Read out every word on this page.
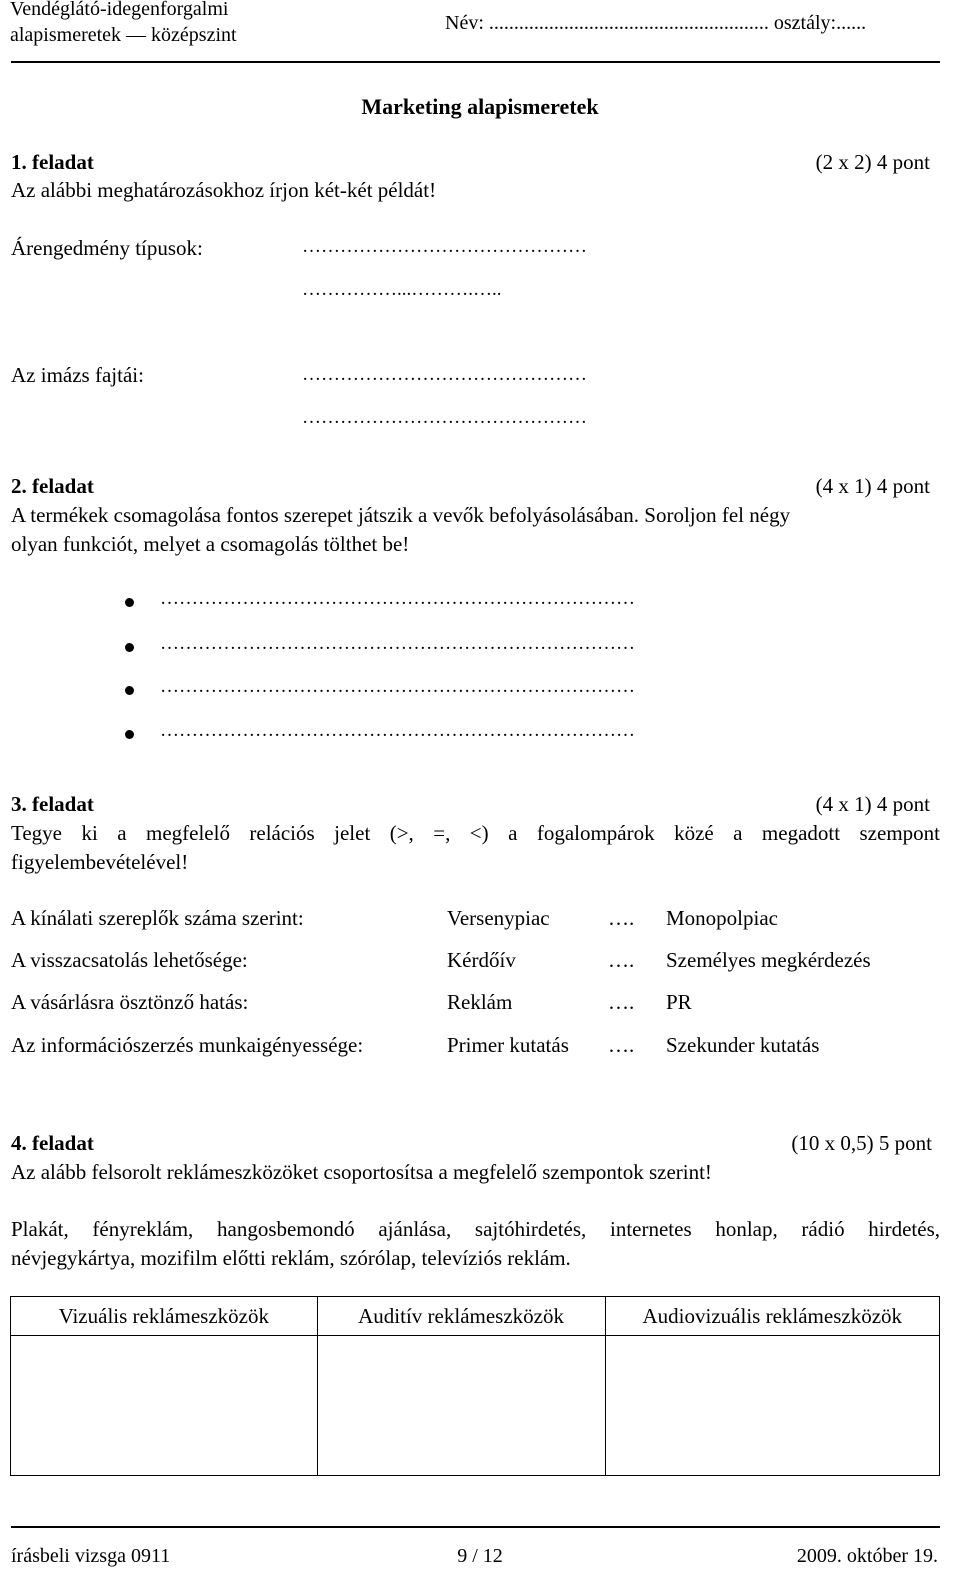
Vendéglátó-idegenforgalmi
alapismeretek — középszint
Név: ........................................................ osztály:......
Marketing alapismeretek
1. feladat	(2 x 2) 4 pont
Az alábbi meghatározásokhoz írjon két-két példát!
Árengedmény típusok:	………………………………………
……………...……….…..
Az imázs fajtái:	………………………………………
………………………………………
2. feladat	(4 x 1) 4 pont
A termékek csomagolása fontos szerepet játszik a vevők befolyásolásában. Soroljon fel négy
olyan funkciót, melyet a csomagolás tölthet be!
…………………………………………………………………
…………………………………………………………………
…………………………………………………………………
…………………………………………………………………
3. feladat	(4 x 1) 4 pont
Tegye ki a megfelelő relációs jelet (>, =, <) a fogalompárok közé a megadott szempont
figyelembevételével!
A kínálati szereplők száma szerint:	Versenypiac	…. Monopolpiac
A visszacsatolás lehetősége:	Kérdőív	…. Személyes megkérdezés
A vásárlásra ösztönző hatás:	Reklám	…. PR
Az információszerzés munkaigényessége:	Primer kutatás …. Szekunder kutatás
4. feladat	(10 x 0,5) 5 pont
Az alább felsorolt reklámeszközöket csoportosítsa a megfelelő szempontok szerint!
Plakát, fényreklám, hangosbemondó ajánlása, sajtóhirdetés, internetes honlap, rádió hirdetés,
névjegykártya, mozifilm előtti reklám, szórólap, televíziós reklám.
Vizuális reklámeszközök	Auditív reklámeszközök	Audiovizuális reklámeszközök

írásbeli vizsga 0911	9 / 12	2009. október 19.
